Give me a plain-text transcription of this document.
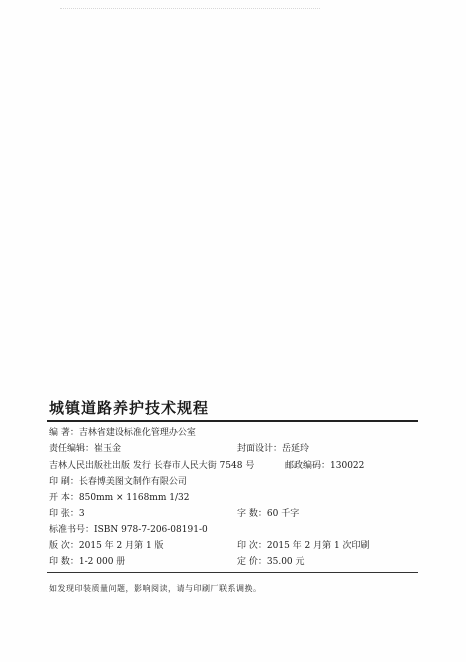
城镇道路养护技术规程
编 著：吉林省建设标准化管理办公室
责任编辑：崔玉金	封面设计：岳延玲
吉林人民出版社出版 发行 长春市人民大街 7548 号	邮政编码：130022
印 刷：长春博美图文制作有限公司
开 本：850mm × 1168mm 1/32
印 张：3	字 数：60 千字
标准书号：ISBN 978-7-206-08191-0
版 次：2015 年 2 月第 1 版	印 次：2015 年 2 月第 1 次印刷
印 数：1-2 000 册	定 价：35.00 元
如发现印装质量问题，影响阅读，请与印刷厂联系调换。
